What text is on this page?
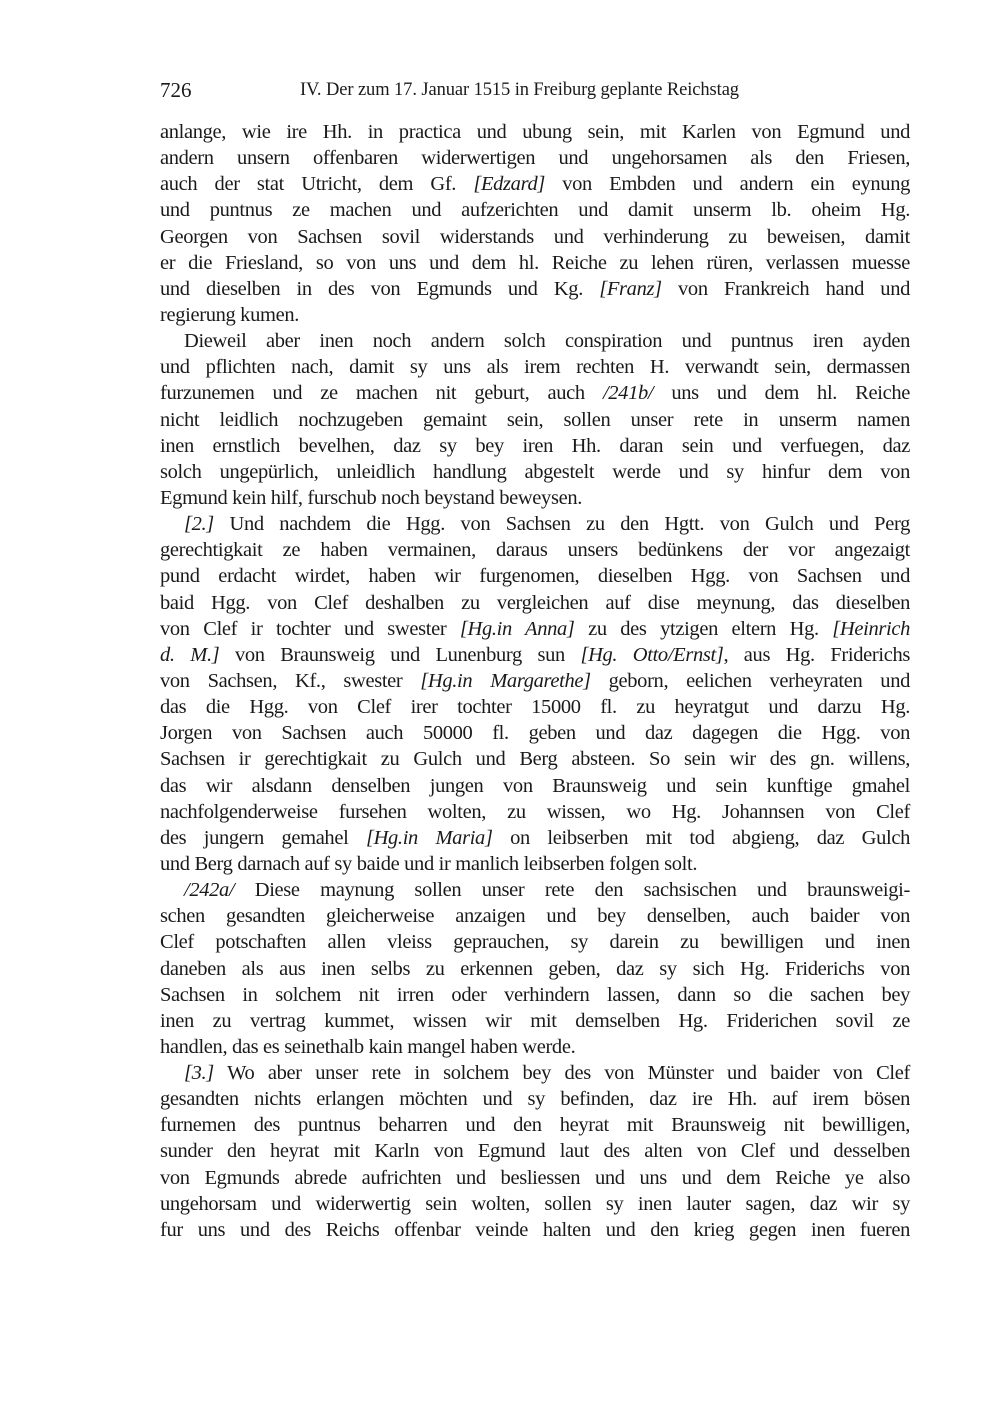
726	IV. Der zum 17. Januar 1515 in Freiburg geplante Reichstag
anlange, wie ire Hh. in practica und ubung sein, mit Karlen von Egmund und
andern unsern offenbaren widerwertigen und ungehorsamen als den Friesen,
auch der stat Utricht, dem Gf. [Edzard] von Embden und andern ein eynung
und puntnus ze machen und aufzerichten und damit unserm lb. oheim Hg.
Georgen von Sachsen sovil widerstands und verhinderung zu beweisen, damit
er die Friesland, so von uns und dem hl. Reiche zu lehen rüren, verlassen muesse
und dieselben in des von Egmunds und Kg. [Franz] von Frankreich hand und
regierung kumen.
Dieweil aber inen noch andern solch conspiration und puntnus iren ayden
und pflichten nach, damit sy uns als irem rechten H. verwandt sein, dermassen
furzunemen und ze machen nit geburt, auch /241b/ uns und dem hl. Reiche
nicht leidlich nochzugeben gemaint sein, sollen unser rete in unserm namen
inen ernstlich bevelhen, daz sy bey iren Hh. daran sein und verfuegen, daz
solch ungepürlich, unleidlich handlung abgestelt werde und sy hinfur dem von
Egmund kein hilf, furschub noch beystand beweysen.
[2.] Und nachdem die Hgg. von Sachsen zu den Hgtt. von Gulch und Perg
gerechtigkait ze haben vermainen, daraus unsers bedünkens der vor angezaigt
pund erdacht wirdet, haben wir furgenomen, dieselben Hgg. von Sachsen und
baid Hgg. von Clef deshalben zu vergleichen auf dise meynung, das dieselben
von Clef ir tochter und swester [Hg.in Anna] zu des ytzigen eltern Hg. [Heinrich
d. M.] von Braunsweig und Lunenburg sun [Hg. Otto/Ernst], aus Hg. Friderichs
von Sachsen, Kf., swester [Hg.in Margarethe] geborn, eelichen verheyraten und
das die Hgg. von Clef irer tochter 15000 fl. zu heyratgut und darzu Hg.
Jorgen von Sachsen auch 50000 fl. geben und daz dagegen die Hgg. von
Sachsen ir gerechtigkait zu Gulch und Berg absteen. So sein wir des gn. willens,
das wir alsdann denselben jungen von Braunsweig und sein kunftige gmahel
nachfolgenderweise fursehen wolten, zu wissen, wo Hg. Johannsen von Clef
des jungern gemahel [Hg.in Maria] on leibserben mit tod abgieng, daz Gulch
und Berg darnach auf sy baide und ir manlich leibserben folgen solt.
/242a/ Diese maynung sollen unser rete den sachsischen und braunsweigi-
schen gesandten gleicherweise anzaigen und bey denselben, auch baider von
Clef potschaften allen vleiss geprauchen, sy darein zu bewilligen und inen
daneben als aus inen selbs zu erkennen geben, daz sy sich Hg. Friderichs von
Sachsen in solchem nit irren oder verhindern lassen, dann so die sachen bey
inen zu vertrag kummet, wissen wir mit demselben Hg. Friderichen sovil ze
handlen, das es seinethalb kain mangel haben werde.
[3.] Wo aber unser rete in solchem bey des von Münster und baider von Clef
gesandten nichts erlangen möchten und sy befinden, daz ire Hh. auf irem bösen
furnemen des puntnus beharren und den heyrat mit Braunsweig nit bewilligen,
sunder den heyrat mit Karln von Egmund laut des alten von Clef und desselben
von Egmunds abrede aufrichten und besliessen und uns und dem Reiche ye also
ungehorsam und widerwertig sein wolten, sollen sy inen lauter sagen, daz wir sy
fur uns und des Reichs offenbar veinde halten und den krieg gegen inen fueren
